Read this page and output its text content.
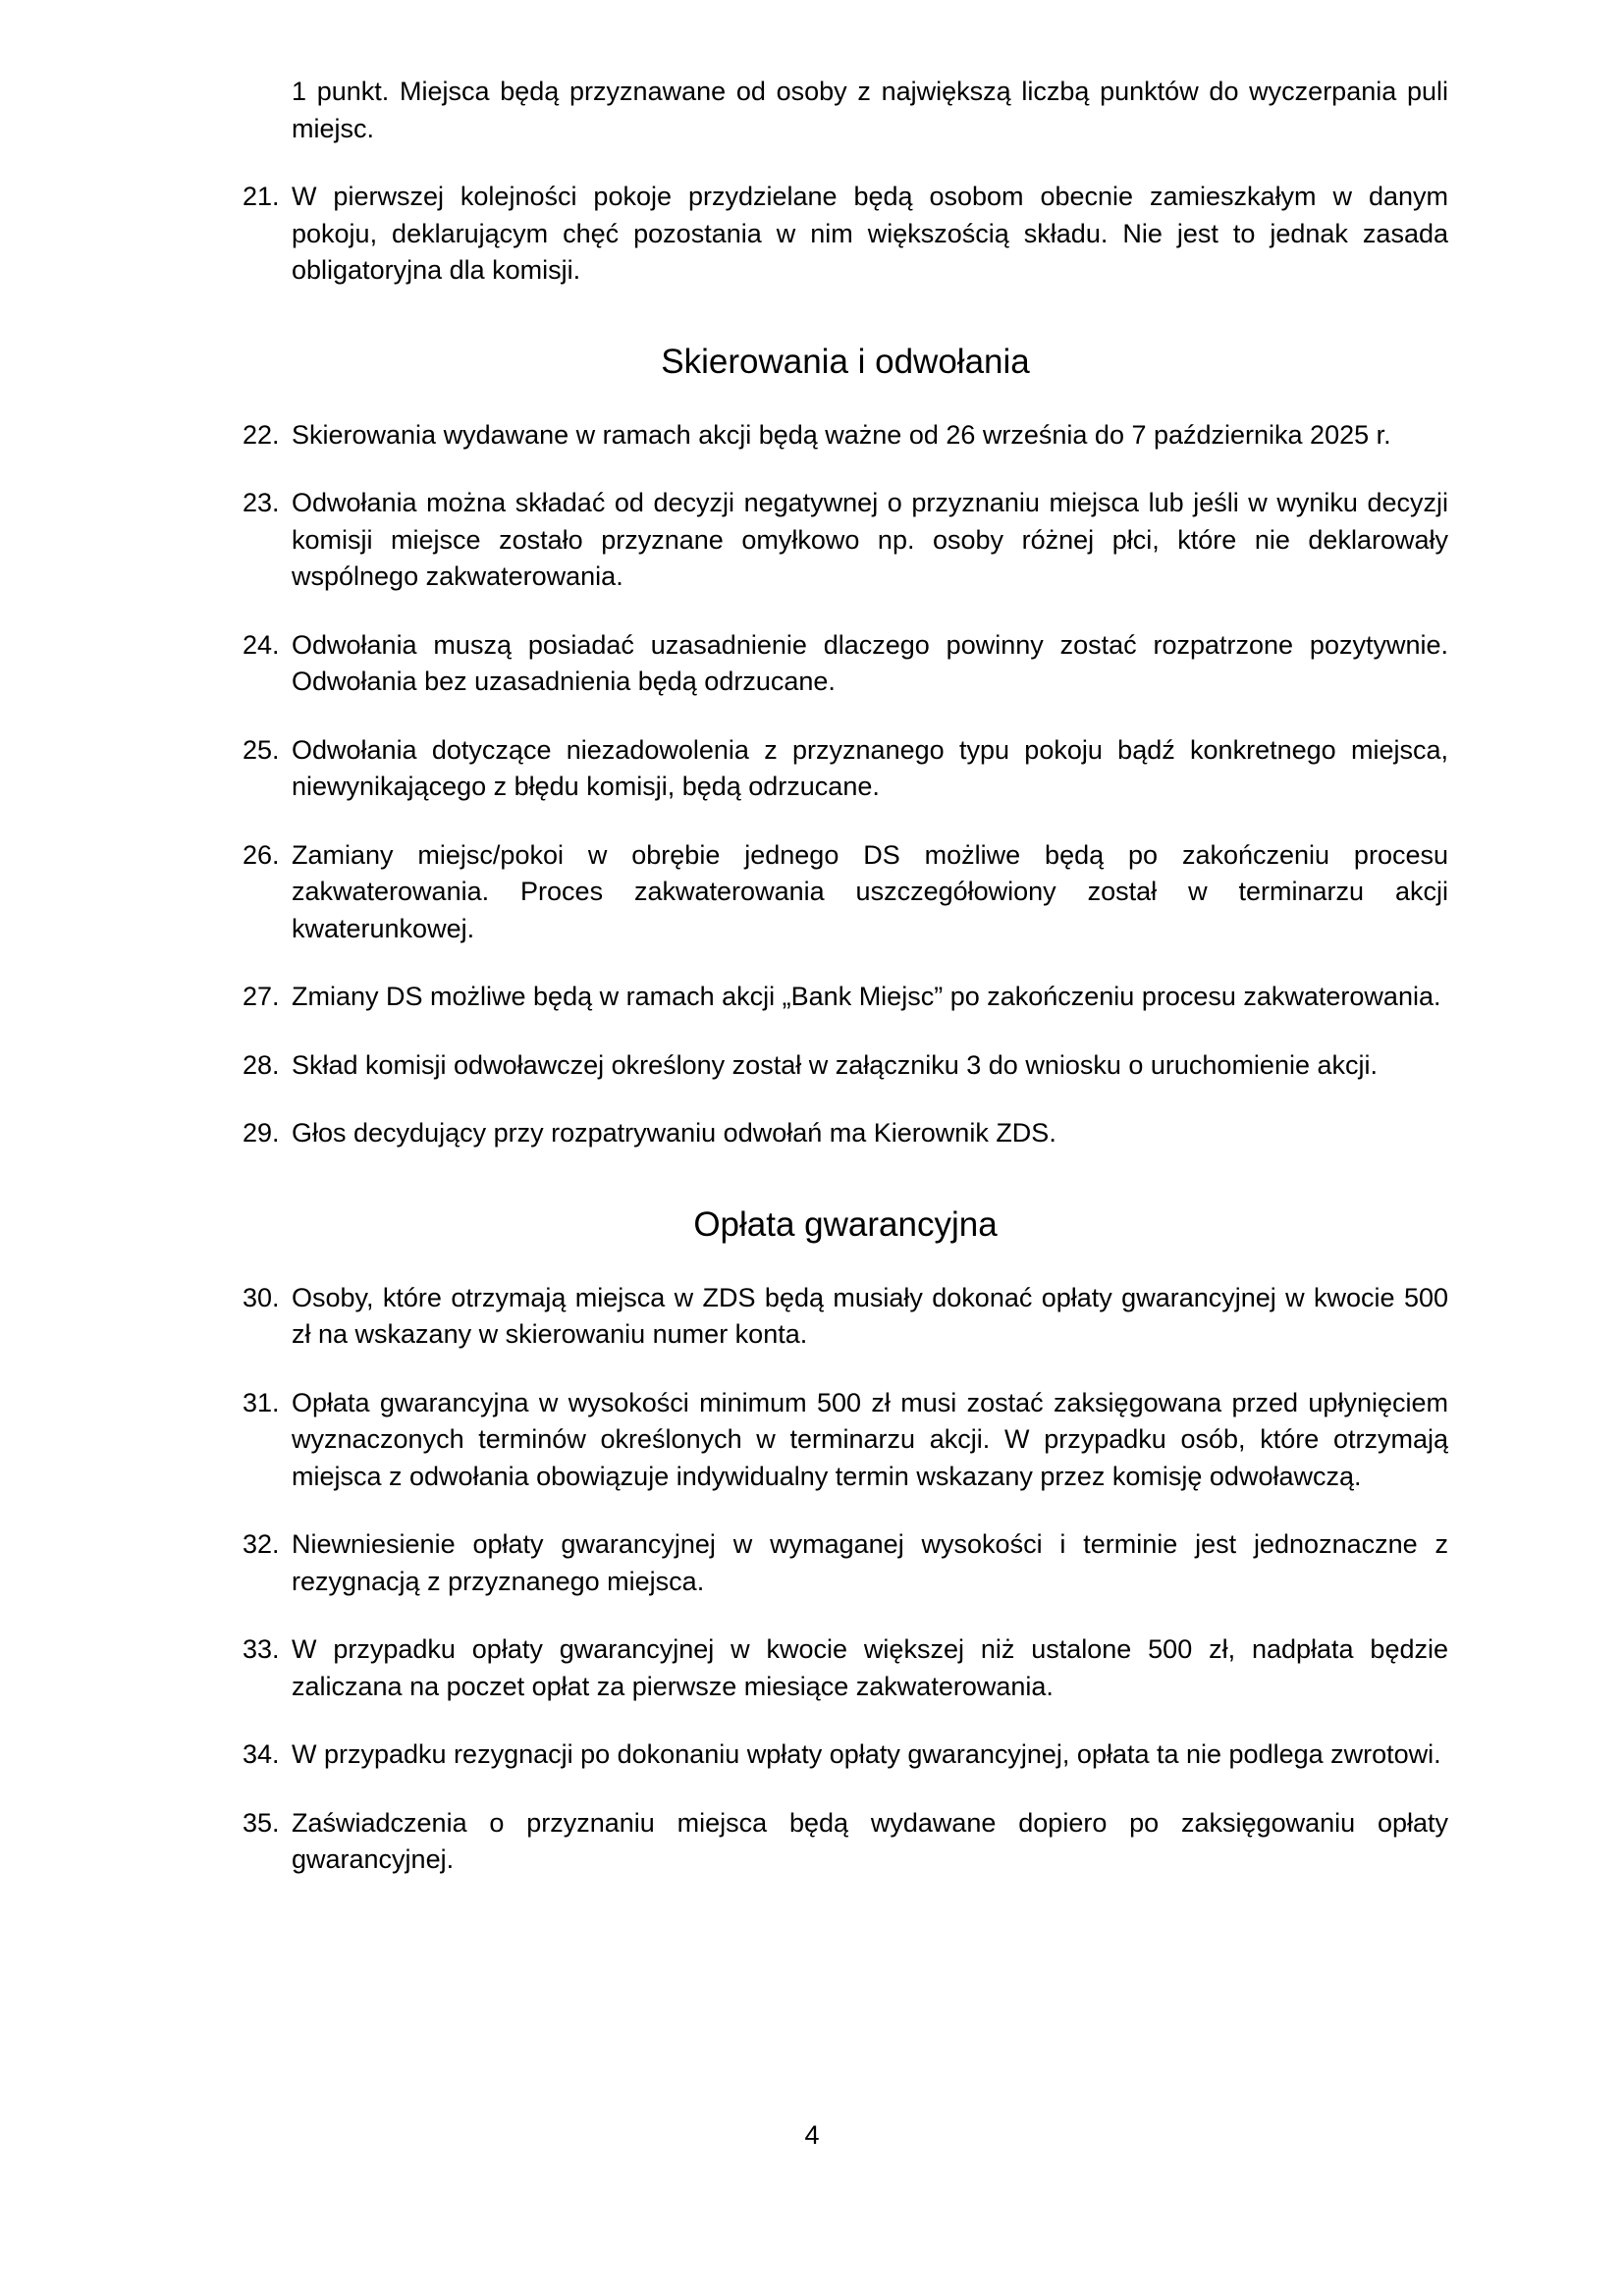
1 punkt. Miejsca będą przyznawane od osoby z największą liczbą punktów do wyczerpania puli miejsc.
21. W pierwszej kolejności pokoje przydzielane będą osobom obecnie zamieszkałym w danym pokoju, deklarującym chęć pozostania w nim większością składu. Nie jest to jednak zasada obligatoryjna dla komisji.
Skierowania i odwołania
22. Skierowania wydawane w ramach akcji będą ważne od 26 września do 7 października 2025 r.
23. Odwołania można składać od decyzji negatywnej o przyznaniu miejsca lub jeśli w wyniku decyzji komisji miejsce zostało przyznane omyłkowo np. osoby różnej płci, które nie deklarowały wspólnego zakwaterowania.
24. Odwołania muszą posiadać uzasadnienie dlaczego powinny zostać rozpatrzone pozytywnie. Odwołania bez uzasadnienia będą odrzucane.
25. Odwołania dotyczące niezadowolenia z przyznanego typu pokoju bądź konkretnego miejsca, niewynikającego z błędu komisji, będą odrzucane.
26. Zamiany miejsc/pokoi w obrębie jednego DS możliwe będą po zakończeniu procesu zakwaterowania. Proces zakwaterowania uszczegółowiony został w terminarzu akcji kwaterunkowej.
27. Zmiany DS możliwe będą w ramach akcji „Bank Miejsc” po zakończeniu procesu zakwaterowania.
28. Skład komisji odwoławczej określony został w załączniku 3 do wniosku o uruchomienie akcji.
29. Głos decydujący przy rozpatrywaniu odwołań ma Kierownik ZDS.
Opłata gwarancyjna
30. Osoby, które otrzymają miejsca w ZDS będą musiały dokonać opłaty gwarancyjnej w kwocie 500 zł na wskazany w skierowaniu numer konta.
31. Opłata gwarancyjna w wysokości minimum 500 zł musi zostać zaksięgowana przed upłynięciem wyznaczonych terminów określonych w terminarzu akcji. W przypadku osób, które otrzymają miejsca z odwołania obowiązuje indywidualny termin wskazany przez komisję odwoławczą.
32. Niewniesienie opłaty gwarancyjnej w wymaganej wysokości i terminie jest jednoznaczne z rezygnacją z przyznanego miejsca.
33. W przypadku opłaty gwarancyjnej w kwocie większej niż ustalone 500 zł, nadpłata będzie zaliczana na poczet opłat za pierwsze miesiące zakwaterowania.
34. W przypadku rezygnacji po dokonaniu wpłaty opłaty gwarancyjnej, opłata ta nie podlega zwrotowi.
35. Zaświadczenia o przyznaniu miejsca będą wydawane dopiero po zaksięgowaniu opłaty gwarancyjnej.
4
